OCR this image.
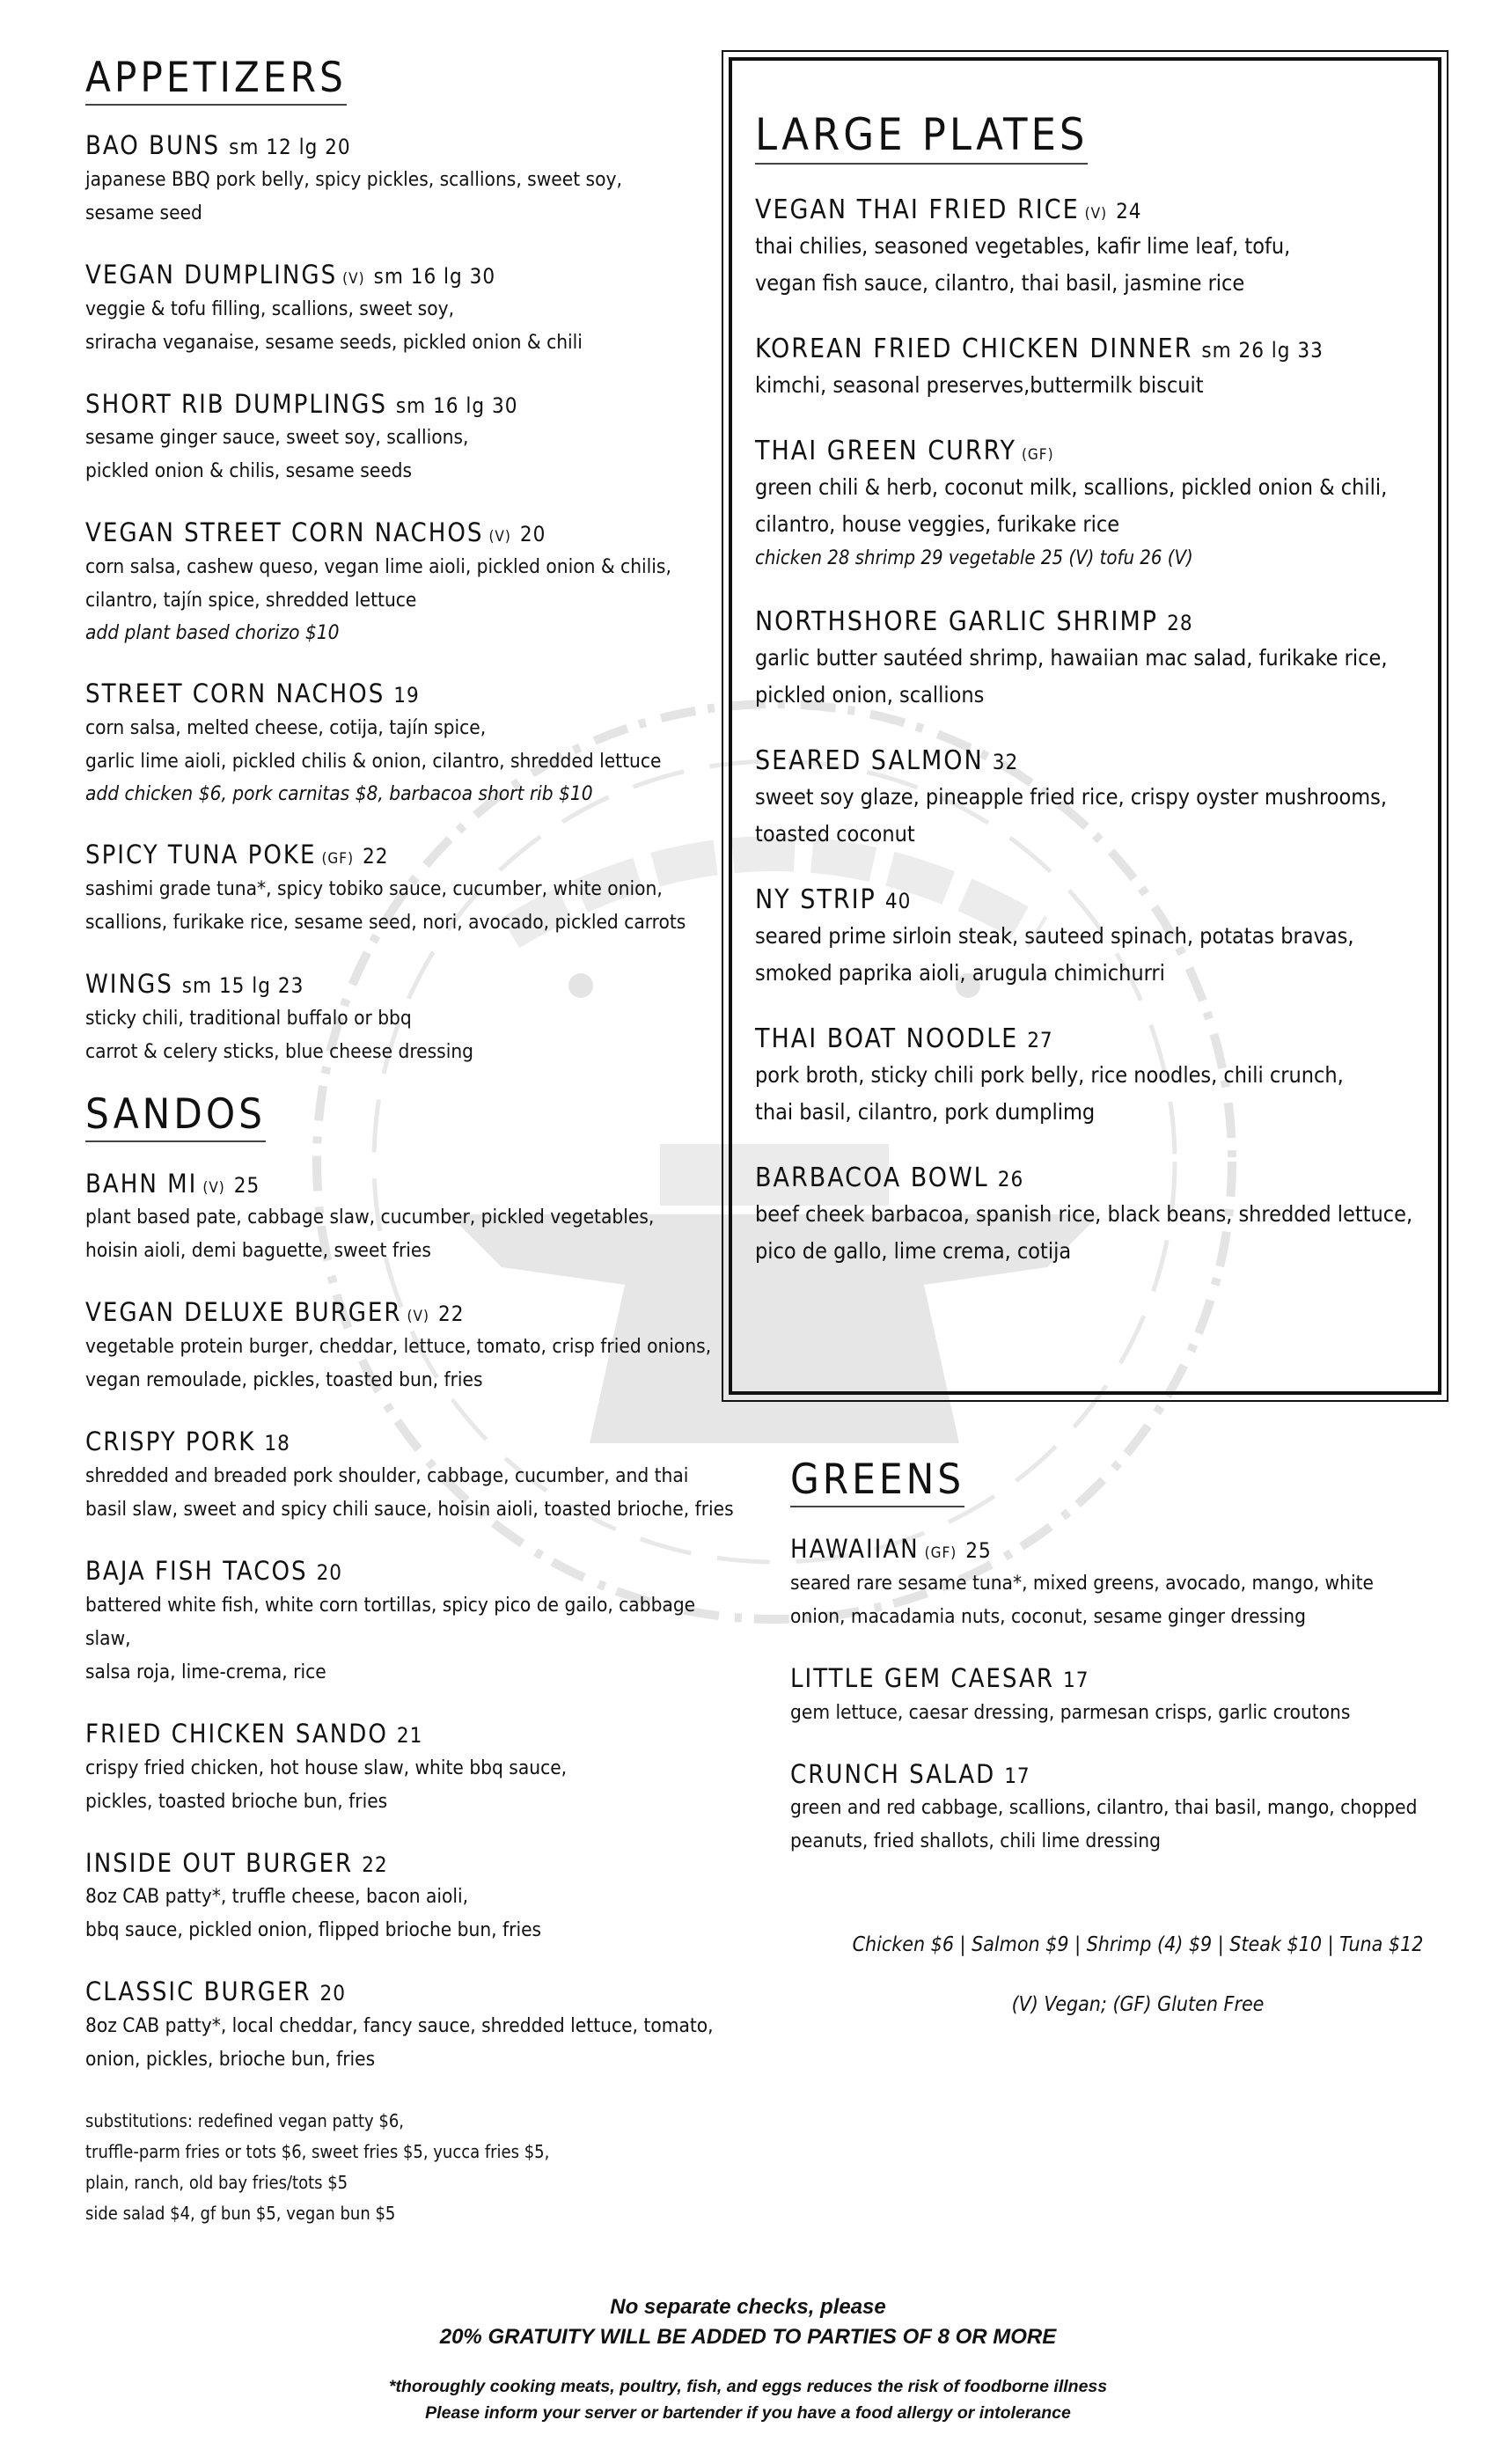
APPETIZERS
BAO BUNS sm 12 lg 20
japanese BBQ pork belly, spicy pickles, scallions, sweet soy,
sesame seed
VEGAN DUMPLINGS (V) sm 16 lg 30
veggie & tofu filling, scallions, sweet soy,
sriracha veganaise, sesame seeds, pickled onion & chili
SHORT RIB DUMPLINGS sm 16 lg 30
sesame ginger sauce, sweet soy, scallions,
pickled onion & chilis, sesame seeds
VEGAN STREET CORN NACHOS (V) 20
corn salsa, cashew queso, vegan lime aioli, pickled onion & chilis,
cilantro, tajín spice, shredded lettuce
add plant based chorizo $10
STREET CORN NACHOS 19
corn salsa, melted cheese, cotija, tajín spice,
garlic lime aioli, pickled chilis & onion, cilantro, shredded lettuce
add chicken $6, pork carnitas $8, barbacoa short rib $10
SPICY TUNA POKE (GF) 22
sashimi grade tuna*, spicy tobiko sauce, cucumber, white onion,
scallions, furikake rice, sesame seed, nori, avocado, pickled carrots
WINGS sm 15 lg 23
sticky chili, traditional buffalo or bbq
carrot & celery sticks, blue cheese dressing
SANDOS
BAHN MI (V) 25
plant based pate, cabbage slaw, cucumber, pickled vegetables,
hoisin aioli, demi baguette, sweet fries
VEGAN DELUXE BURGER (V) 22
vegetable protein burger, cheddar, lettuce, tomato, crisp fried onions,
vegan remoulade, pickles, toasted bun, fries
CRISPY PORK 18
shredded and breaded pork shoulder, cabbage, cucumber, and thai
basil slaw, sweet and spicy chili sauce, hoisin aioli, toasted brioche, fries
BAJA FISH TACOS 20
battered white fish, white corn tortillas, spicy pico de gailo, cabbage slaw,
salsa roja, lime-crema, rice
FRIED CHICKEN SANDO 21
crispy fried chicken, hot house slaw, white bbq sauce,
pickles, toasted brioche bun, fries
INSIDE OUT BURGER 22
8oz CAB patty*, truffle cheese, bacon aioli,
bbq sauce, pickled onion, flipped brioche bun, fries
CLASSIC BURGER 20
8oz CAB patty*, local cheddar, fancy sauce, shredded lettuce, tomato,
onion, pickles, brioche bun, fries
substitutions: redefined vegan patty $6,
truffle-parm fries or tots $6, sweet fries $5, yucca fries $5,
plain, ranch, old bay fries/tots $5
side salad $4, gf bun $5, vegan bun $5
LARGE PLATES
VEGAN THAI FRIED RICE (V) 24
thai chilies, seasoned vegetables, kafir lime leaf, tofu,
vegan fish sauce, cilantro, thai basil, jasmine rice
KOREAN FRIED CHICKEN DINNER sm 26 lg 33
kimchi, seasonal preserves,buttermilk biscuit
THAI GREEN CURRY (GF)
green chili & herb, coconut milk, scallions, pickled onion & chili,
cilantro, house veggies, furikake rice
chicken 28 shrimp 29 vegetable 25 (V) tofu 26 (V)
NORTHSHORE GARLIC SHRIMP 28
garlic butter sautéed shrimp, hawaiian mac salad, furikake rice,
pickled onion, scallions
SEARED SALMON 32
sweet soy glaze, pineapple fried rice, crispy oyster mushrooms,
toasted coconut
NY STRIP 40
seared prime sirloin steak, sauteed spinach, potatas bravas,
smoked paprika aioli, arugula chimichurri
THAI BOAT NOODLE 27
pork broth, sticky chili pork belly, rice noodles, chili crunch,
thai basil, cilantro, pork dumplimg
BARBACOA BOWL 26
beef cheek barbacoa, spanish rice, black beans, shredded lettuce,
pico de gallo, lime crema, cotija
GREENS
HAWAIIAN (GF) 25
seared rare sesame tuna*, mixed greens, avocado, mango, white
onion, macadamia nuts, coconut, sesame ginger dressing
LITTLE GEM CAESAR 17
gem lettuce, caesar dressing, parmesan crisps, garlic croutons
CRUNCH SALAD 17
green and red cabbage, scallions, cilantro, thai basil, mango, chopped
peanuts, fried shallots, chili lime dressing
Chicken $6 | Salmon $9 | Shrimp (4) $9 | Steak $10 | Tuna $12
(V) Vegan; (GF) Gluten Free

No separate checks, please

20% GRATUITY WILL BE ADDED TO PARTIES OF 8 OR MORE

*thoroughly cooking meats, poultry, fish, and eggs reduces the risk of foodborne illness

Please inform your server or bartender if you have a food allergy or intolerance
